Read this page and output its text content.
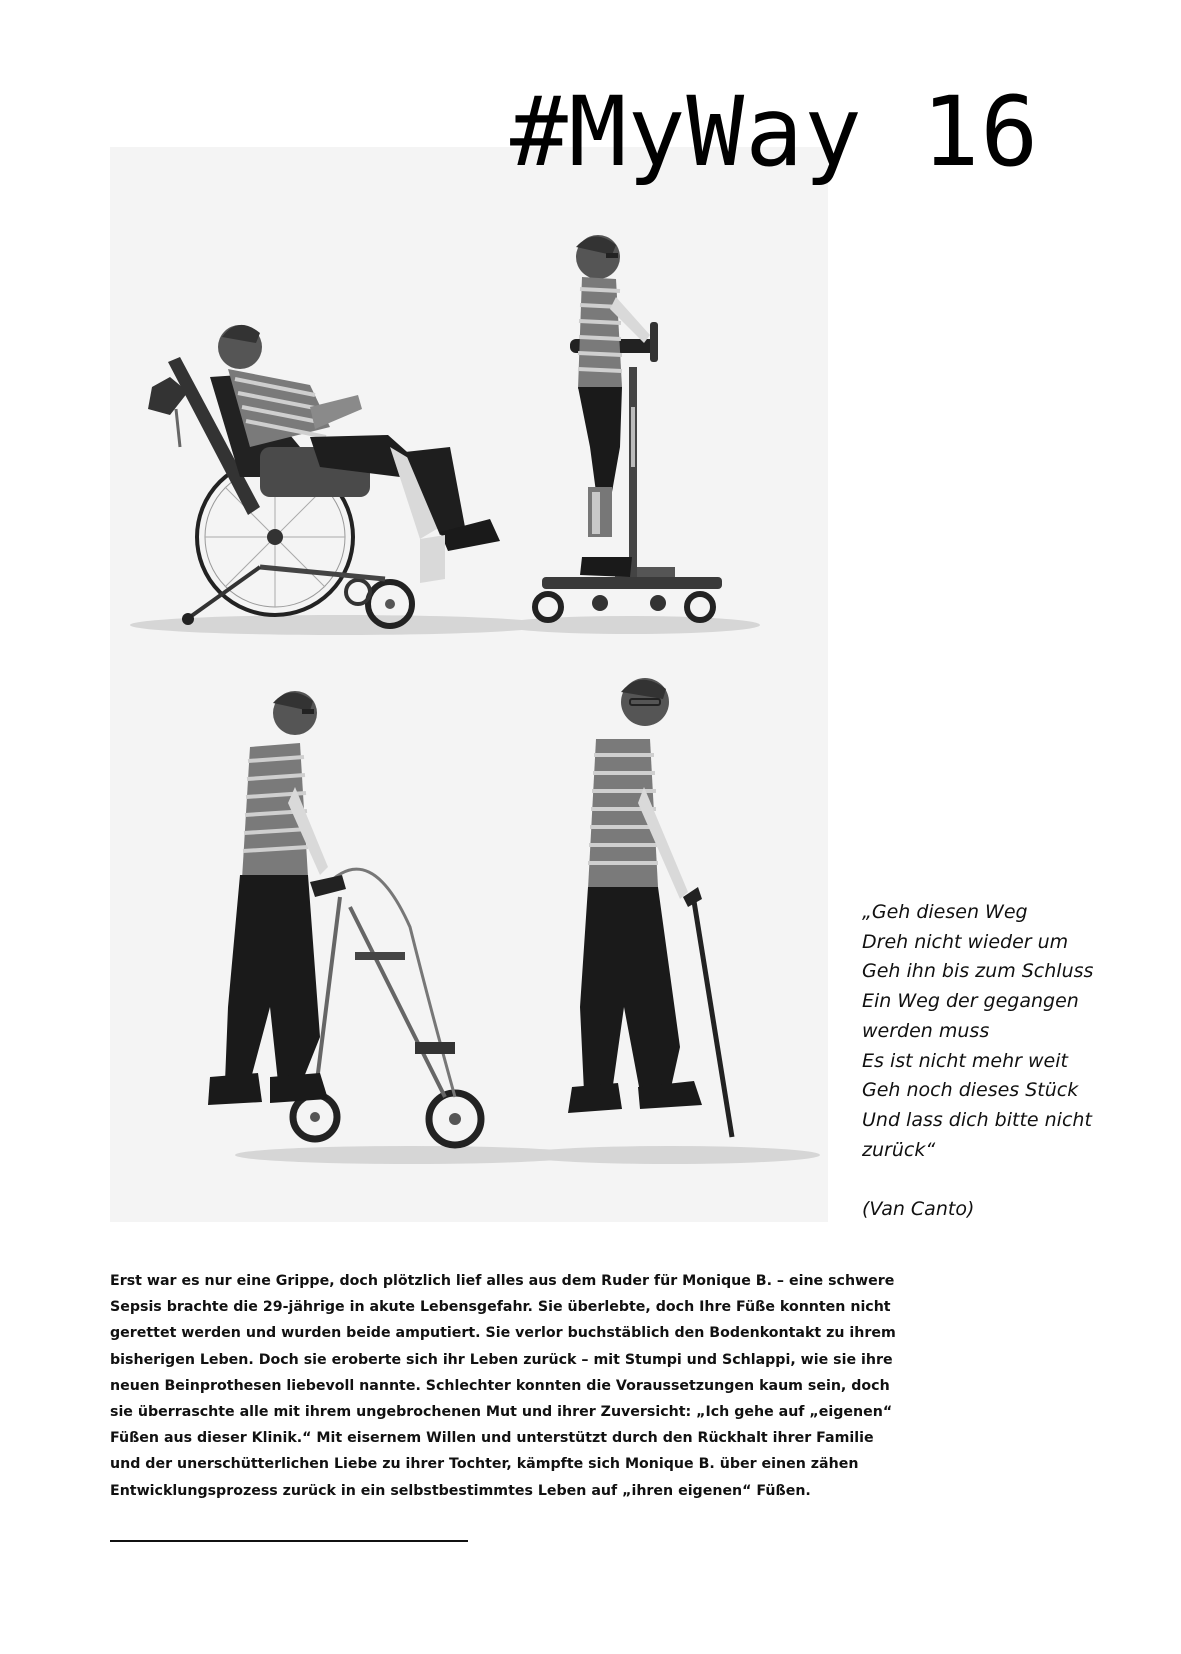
#MyWay 16
„Geh diesen Weg
Dreh nicht wieder um
Geh ihn bis zum Schluss
Ein Weg der gegangen
werden muss
Es ist nicht mehr weit
Geh noch dieses Stück
Und lass dich bitte nicht
zurück“
(Van Canto)

Erst war es nur eine Grippe, doch plötzlich lief alles aus dem Ruder für Monique B. – eine schwere
Sepsis brachte die 29-jährige in akute Lebensgefahr. Sie überlebte, doch Ihre Füße konnten nicht
gerettet werden und wurden beide amputiert. Sie verlor buchstäblich den Bodenkontakt zu ihrem
bisherigen Leben. Doch sie eroberte sich ihr Leben zurück – mit Stumpi und Schlappi, wie sie ihre
neuen Beinprothesen liebevoll nannte. Schlechter konnten die Voraussetzungen kaum sein, doch
sie überraschte alle mit ihrem ungebrochenen Mut und ihrer Zuversicht: „Ich gehe auf „eigenen“
Füßen aus dieser Klinik.“ Mit eisernem Willen und unterstützt durch den Rückhalt ihrer Familie
und der unerschütterlichen Liebe zu ihrer Tochter, kämpfte sich Monique B. über einen zähen
Entwicklungsprozess zurück in ein selbstbestimmtes Leben auf „ihren eigenen“ Füßen.
